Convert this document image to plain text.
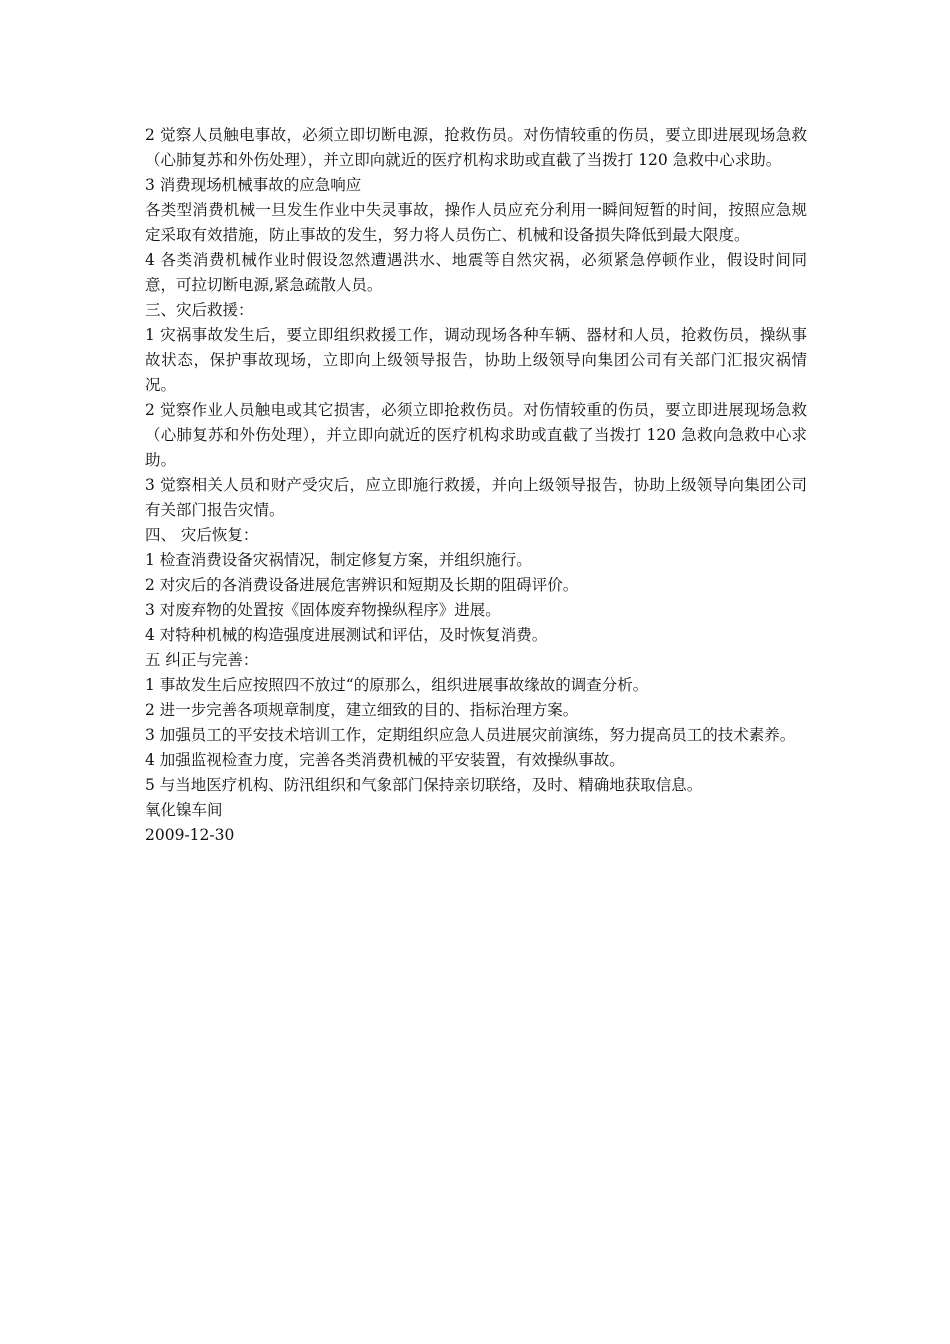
2 觉察人员触电事故，必须立即切断电源，抢救伤员。对伤情较重的伤员，要立即进展现场急救（心肺复苏和外伤处理），并立即向就近的医疗机构求助或直截了当拨打 120 急救中心求助。

3 消费现场机械事故的应急响应

各类型消费机械一旦发生作业中失灵事故，操作人员应充分利用一瞬间短暂的时间，按照应急规定采取有效措施，防止事故的发生，努力将人员伤亡、机械和设备损失降低到最大限度。

4 各类消费机械作业时假设忽然遭遇洪水、地震等自然灾祸，必须紧急停顿作业，假设时间同意，可拉切断电源,紧急疏散人员。

三、灾后救援：

1 灾祸事故发生后，要立即组织救援工作，调动现场各种车辆、器材和人员，抢救伤员，操纵事故状态，保护事故现场，立即向上级领导报告，协助上级领导向集团公司有关部门汇报灾祸情况。

2 觉察作业人员触电或其它损害，必须立即抢救伤员。对伤情较重的伤员，要立即进展现场急救（心肺复苏和外伤处理），并立即向就近的医疗机构求助或直截了当拨打 120 急救向急救中心求助。

3 觉察相关人员和财产受灾后，应立即施行救援，并向上级领导报告，协助上级领导向集团公司有关部门报告灾情。

四、 灾后恢复：

1 检查消费设备灾祸情况，制定修复方案，并组织施行。

2 对灾后的各消费设备进展危害辨识和短期及长期的阻碍评价。

3 对废弃物的处置按《固体废弃物操纵程序》进展。

4 对特种机械的构造强度进展测试和评估，及时恢复消费。

五 纠正与完善：

1 事故发生后应按照四不放过“的原那么，组织进展事故缘故的调查分析。

2 进一步完善各项规章制度，建立细致的目的、指标治理方案。

3 加强员工的平安技术培训工作，定期组织应急人员进展灾前演练，努力提高员工的技术素养。

4 加强监视检查力度，完善各类消费机械的平安装置，有效操纵事故。

5 与当地医疗机构、防汛组织和气象部门保持亲切联络，及时、精确地获取信息。

氧化镍车间

2009-12-30
